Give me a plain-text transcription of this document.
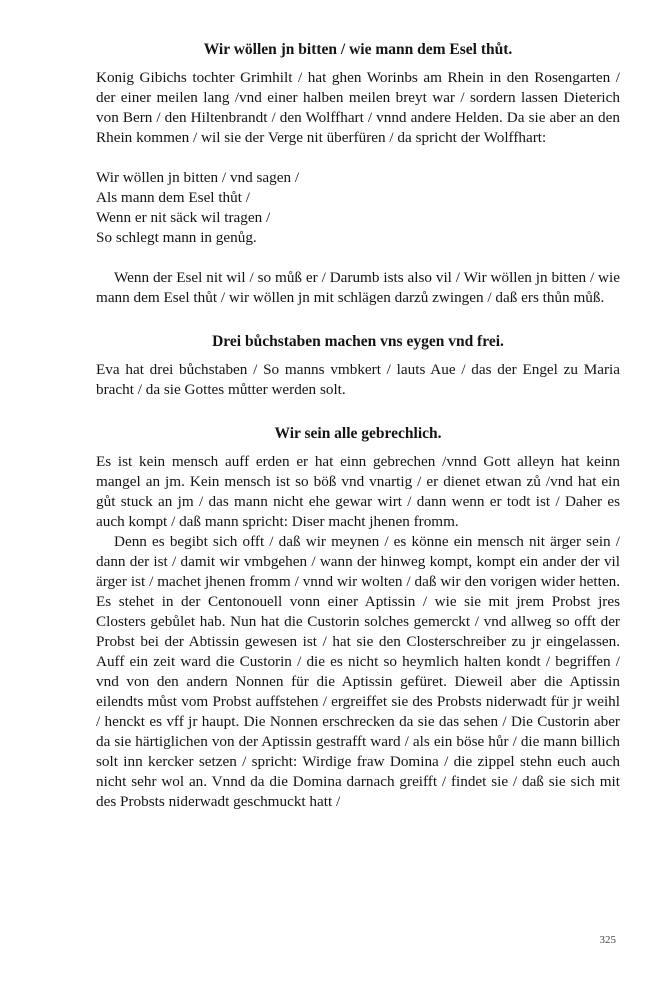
Wir wöllen jn bitten / wie mann dem Esel thůt.

Konig Gibichs tochter Grimhilt / hat ghen Worinbs am Rhein in den Rosengarten / der einer meilen lang /vnd einer halben meilen breyt war / sordern lassen Dieterich von Bern / den Hiltenbrandt / den Wolffhart / vnnd andere Helden. Da sie aber an den Rhein kommen / wil sie der Verge nit überfüren / da spricht der Wolffhart:

Wir wöllen jn bitten / vnd sagen /
Als mann dem Esel thůt /
Wenn er nit säck wil tragen /
So schlegt mann in genůg.

Wenn der Esel nit wil / so můß er / Darumb ists also vil / Wir wöllen jn bitten / wie mann dem Esel thůt / wir wöllen jn mit schlägen darzů zwingen / daß ers thůn můß.

Drei bůchstaben machen vns eygen vnd frei.

Eva hat drei bůchstaben / So manns vmbkert / lauts Aue / das der Engel zu Maria bracht / da sie Gottes můtter werden solt.

Wir sein alle gebrechlich.

Es ist kein mensch auff erden er hat einn gebrechen /vnnd Gott alleyn hat keinn mangel an jm. Kein mensch ist so böß vnd vnartig / er dienet etwan zů /vnd hat ein gůt stuck an jm / das mann nicht ehe gewar wirt / dann wenn er todt ist / Daher es auch kompt / daß mann spricht: Diser macht jhenen fromm.

Denn es begibt sich offt / daß wir meynen / es könne ein mensch nit ärger sein / dann der ist / damit wir vmbgehen / wann der hinweg kompt, kompt ein ander der vil ärger ist / machet jhenen fromm / vnnd wir wolten / daß wir den vorigen wider hetten. Es stehet in der Centonouell vonn einer Aptissin / wie sie mit jrem Probst jres Closters gebůlet hab. Nun hat die Custorin solches gemerckt / vnd allweg so offt der Probst bei der Abtissin gewesen ist / hat sie den Closterschreiber zu jr eingelassen. Auff ein zeit ward die Custorin / die es nicht so heymlich halten kondt / begriffen / vnd von den andern Nonnen für die Aptissin gefüret. Dieweil aber die Aptissin eilendts můst vom Probst auffstehen / ergreiffet sie des Probsts niderwadt für jr weihl / henckt es vff jr haupt. Die Nonnen erschrecken da sie das sehen / Die Custorin aber da sie härtiglichen von der Aptissin gestrafft ward / als ein böse hůr / die mann billich solt inn kercker setzen / spricht: Wirdige fraw Domina / die zippel stehn euch auch nicht sehr wol an. Vnnd da die Domina darnach greifft / findet sie / daß sie sich mit des Probsts niderwadt geschmuckt hatt /

325
